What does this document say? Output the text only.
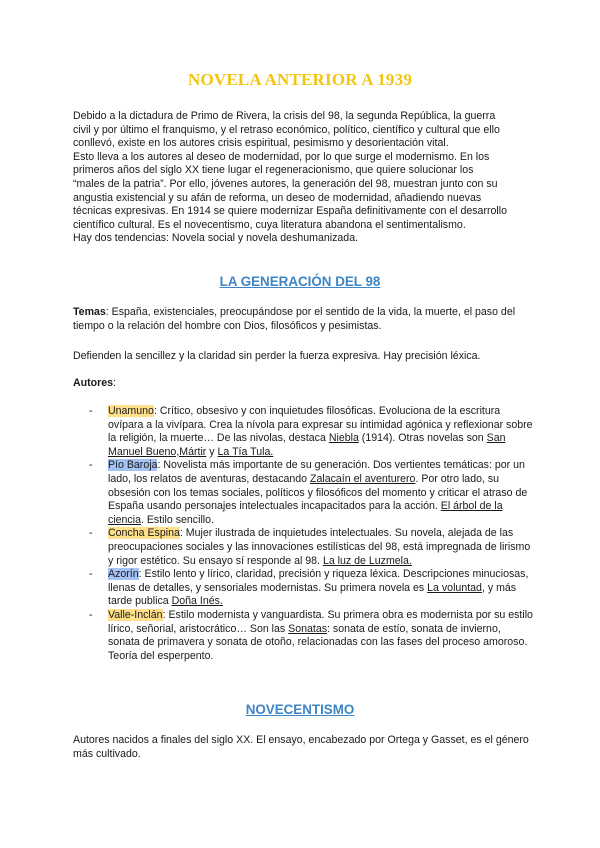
NOVELA ANTERIOR A 1939
Debido a la dictadura de Primo de Rivera, la crisis del 98, la segunda República, la guerra
civil y por último el franquismo, y el retraso económico, político, científico y cultural que ello
conllevó, existe en los autores crisis espiritual, pesimismo y desorientación vital.
Esto lleva a los autores al deseo de modernidad, por lo que surge el modernismo. En los
primeros años del siglo XX tiene lugar el regeneracionismo, que quiere solucionar los
“males de la patria”. Por ello, jóvenes autores, la generación del 98, muestran junto con su
angustia existencial y su afán de reforma, un deseo de modernidad, añadiendo nuevas
técnicas expresivas. En 1914 se quiere modernizar España definitivamente con el desarrollo
científico cultural. Es el novecentismo, cuya literatura abandona el sentimentalismo.
Hay dos tendencias: Novela social y novela deshumanizada.
LA GENERACIÓN DEL 98

Temas: España, existenciales, preocupándose por el sentido de la vida, la muerte, el paso del tiempo o la relación del hombre con Dios, filosóficos y pesimistas.

Defienden la sencillez y la claridad sin perder la fuerza expresiva. Hay precisión léxica.

Autores:

- Unamuno: Crítico, obsesivo y con inquietudes filosóficas. Evoluciona de la escritura ovípara a la vivípara. Crea la nívola para expresar su intimidad agónica y reflexionar sobre la religión, la muerte… De las nivolas, destaca Niebla (1914). Otras novelas son San Manuel Bueno,Mártir y La Tía Tula.
- Pío Baroja: Novelista más importante de su generación. Dos vertientes temáticas: por un lado, los relatos de aventuras, destacando Zalacaín el aventurero. Por otro lado, su obsesión con los temas sociales, políticos y filosóficos del momento y criticar el atraso de España usando personajes intelectuales incapacitados para la acción. El árbol de la ciencia. Estilo sencillo.
- Concha Espina: Mujer ilustrada de inquietudes intelectuales. Su novela, alejada de las preocupaciones sociales y las innovaciones estilísticas del 98, está impregnada de lirismo y rigor estético. Su ensayo sí responde al 98. La luz de Luzmela.
- Azorín: Estilo lento y lírico, claridad, precisión y riqueza léxica. Descripciones minuciosas, llenas de detalles, y sensoriales modernistas. Su primera novela es La voluntad, y más tarde publica Doña Inés.
- Valle-Inclán: Estilo modernista y vanguardista. Su primera obra es modernista por su estilo lírico, señorial, aristocrático… Son las Sonatas: sonata de estío, sonata de invierno, sonata de primavera y sonata de otoño, relacionadas con las fases del proceso amoroso. Teoría del esperpento.
NOVECENTISMO

Autores nacidos a finales del siglo XX. El ensayo, encabezado por Ortega y Gasset, es el género más cultivado.
